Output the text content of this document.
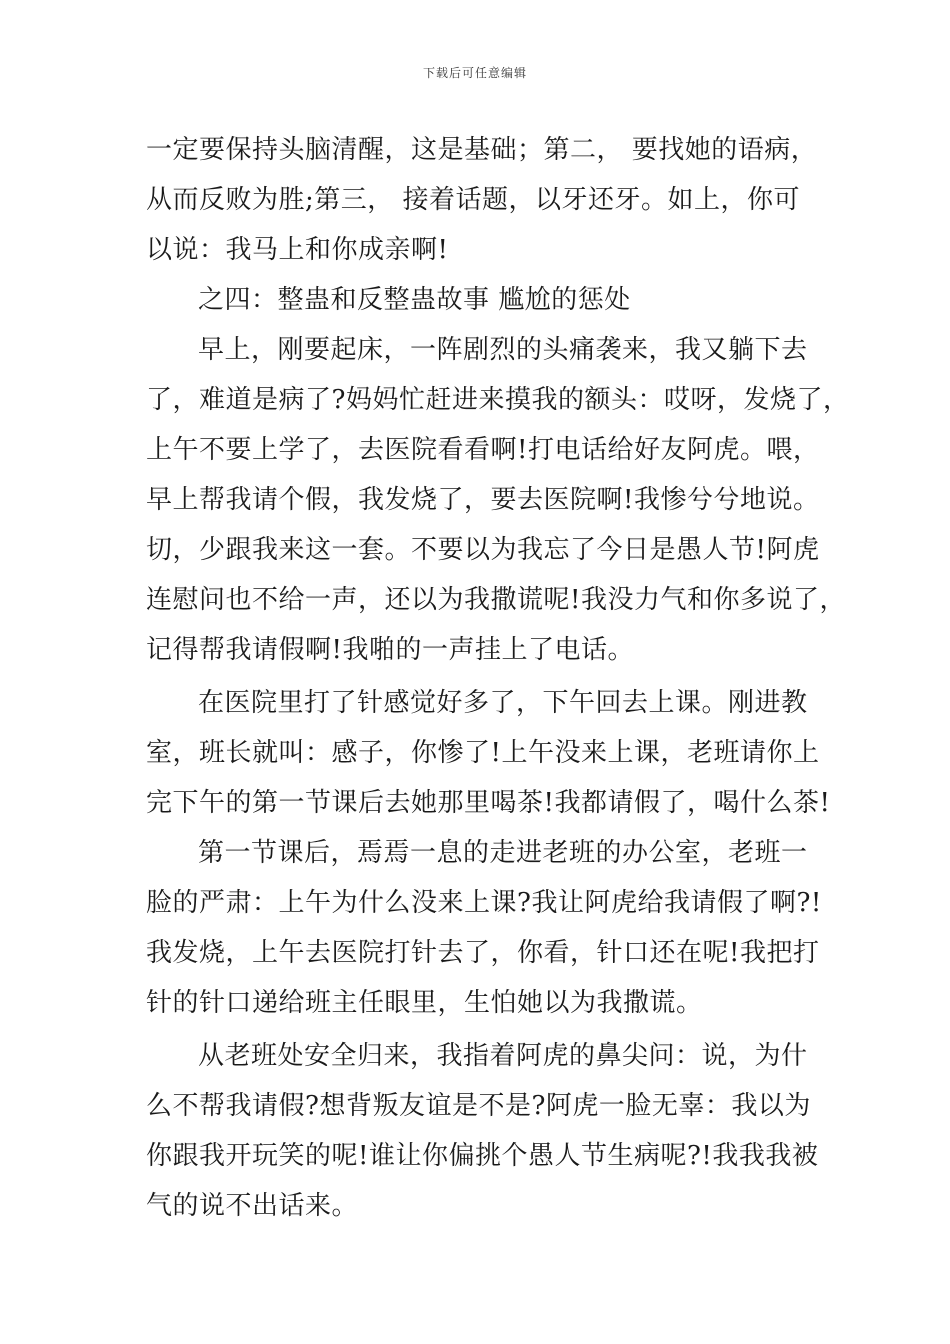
下载后可任意编辑
一定要保持头脑清醒，这是基础；第二， 要找她的语病，
从而反败为胜;第三， 接着话题，以牙还牙。如上，你可
以说：我马上和你成亲啊!
之四：整蛊和反整蛊故事 尴尬的惩处
早上，刚要起床，一阵剧烈的头痛袭来，我又躺下去
了，难道是病了?妈妈忙赶进来摸我的额头：哎呀，发烧了，
上午不要上学了，去医院看看啊!打电话给好友阿虎。喂，
早上帮我请个假，我发烧了，要去医院啊!我惨兮兮地说。
切，少跟我来这一套。不要以为我忘了今日是愚人节!阿虎
连慰问也不给一声，还以为我撒谎呢!我没力气和你多说了，
记得帮我请假啊!我啪的一声挂上了电话。
在医院里打了针感觉好多了，下午回去上课。刚进教
室，班长就叫：感子，你惨了!上午没来上课，老班请你上
完下午的第一节课后去她那里喝茶!我都请假了，喝什么茶!
第一节课后，焉焉一息的走进老班的办公室，老班一
脸的严肃：上午为什么没来上课?我让阿虎给我请假了啊?!
我发烧，上午去医院打针去了，你看，针口还在呢!我把打
针的针口递给班主任眼里，生怕她以为我撒谎。
从老班处安全归来，我指着阿虎的鼻尖问：说，为什
么不帮我请假?想背叛友谊是不是?阿虎一脸无辜：我以为
你跟我开玩笑的呢!谁让你偏挑个愚人节生病呢?!我我我被
气的说不出话来。
